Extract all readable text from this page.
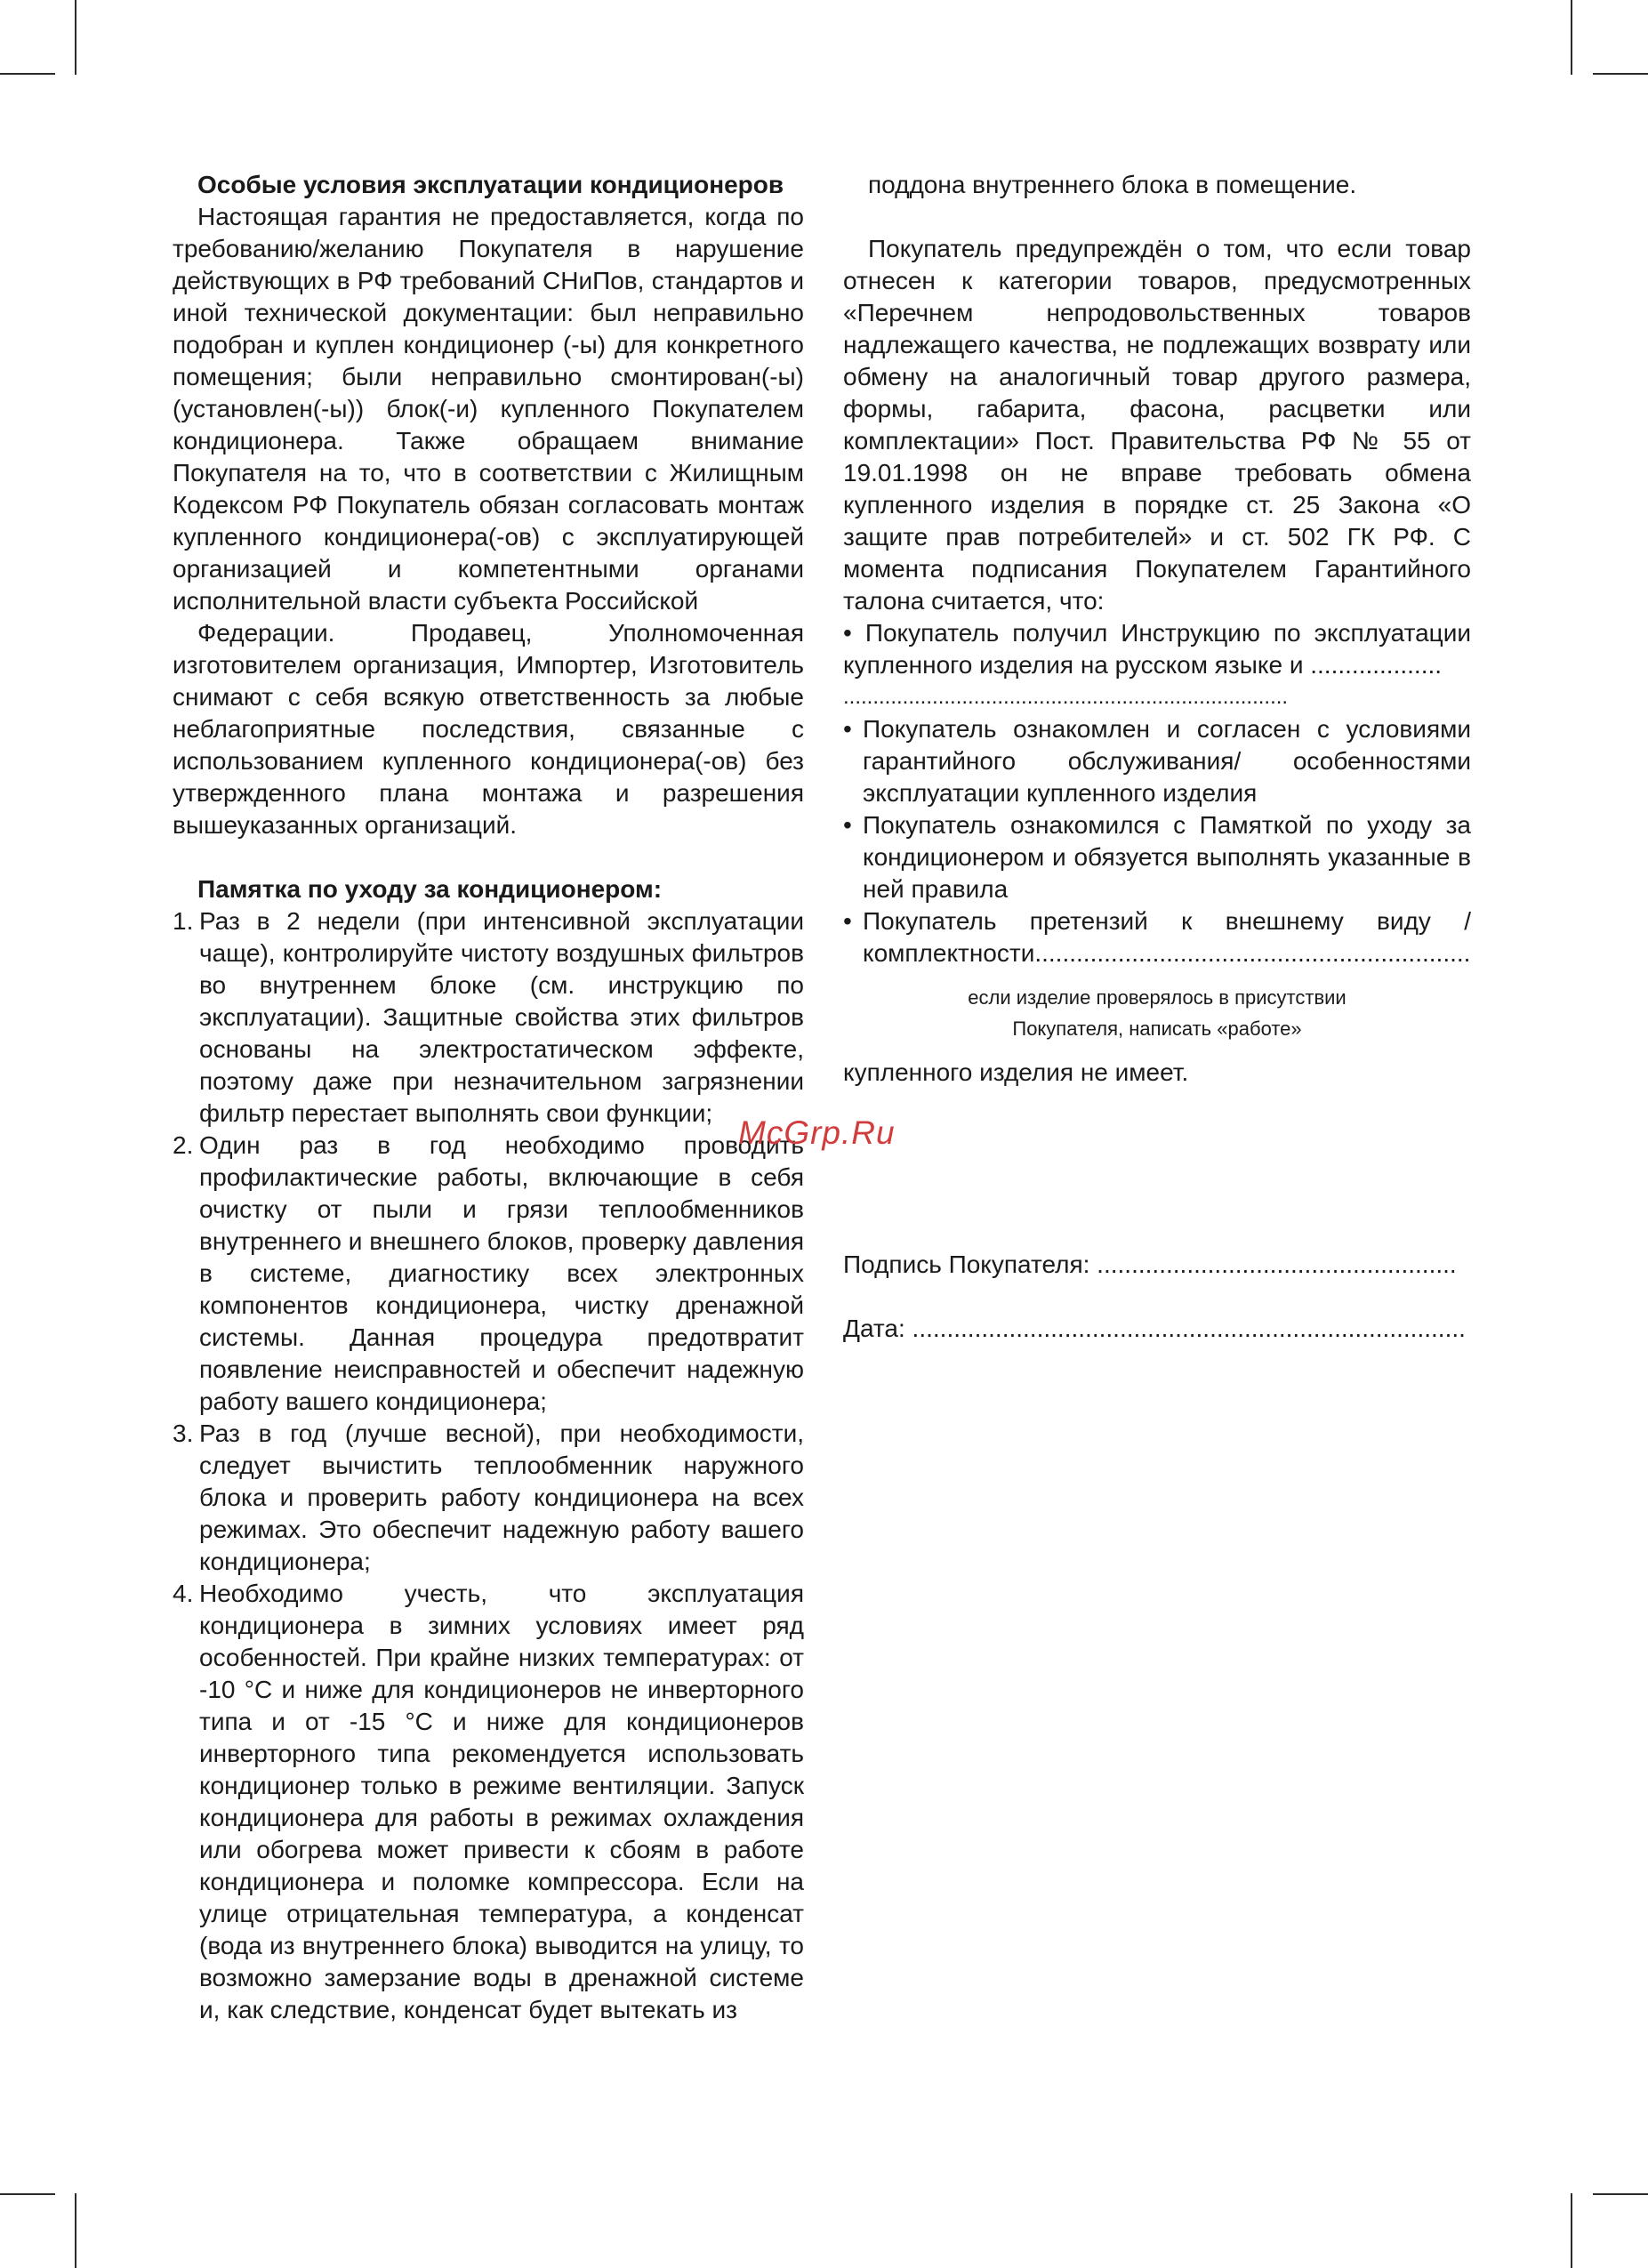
Особые условия эксплуатации кондиционеров

Настоящая гарантия не предоставляется, когда по требованию/желанию Покупателя в нарушение действующих в РФ требований СНиПов, стандартов и иной технической документации: был неправильно подобран и куплен кондиционер (-ы) для конкретного помещения; были неправильно смонтирован(-ы) (установлен(-ы)) блок(-и) купленного Покупателем кондиционера. Также обращаем внимание Покупателя на то, что в соответствии с Жилищным Кодексом РФ Покупатель обязан согласовать монтаж купленного кондиционера(-ов) с эксплуатирующей организацией и компетентными органами исполнительной власти субъекта Российской

Федерации. Продавец, Уполномоченная изготовителем организация, Импортер, Изготовитель снимают с себя всякую ответственность за любые неблагоприятные последствия, связанные с использованием купленного кондиционера(-ов) без утвержденного плана монтажа и разрешения вышеуказанных организаций.

Памятка по уходу за кондиционером:

1. Раз в 2 недели (при интенсивной эксплуатации чаще), контролируйте чистоту воздушных фильтров во внутреннем блоке (см. инструкцию по эксплуатации). Защитные свойства этих фильтров основаны на электростатическом эффекте, поэтому даже при незначительном загрязнении фильтр перестает выполнять свои функции;
2. Один раз в год необходимо проводить профилактические работы, включающие в себя очистку от пыли и грязи теплообменников внутреннего и внешнего блоков, проверку давления в системе, диагностику всех электронных компонентов кондиционера, чистку дренажной системы. Данная процедура предотвратит появление неисправностей и обеспечит надежную работу вашего кондиционера;
3. Раз в год (лучше весной), при необходимости, следует вычистить теплообменник наружного блока и проверить работу кондиционера на всех режимах. Это обеспечит надежную работу вашего кондиционера;
4. Необходимо учесть, что эксплуатация кондиционера в зимних условиях имеет ряд особенностей. При крайне низких температурах: от -10 °С и ниже для кондиционеров не инверторного типа и от -15 °С и ниже для кондиционеров инверторного типа рекомендуется использовать кондиционер только в режиме вентиляции. Запуск кондиционера для работы в режимах охлаждения или обогрева может привести к сбоям в работе кондиционера и поломке компрессора. Если на улице отрицательная температура, а конденсат (вода из внутреннего блока) выводится на улицу, то возможно замерзание воды в дренажной системе и, как следствие, конденсат будет вытекать из

поддона внутреннего блока в помещение.

Покупатель предупреждён о том, что если товар отнесен к категории товаров, предусмотренных «Перечнем непродовольственных товаров надлежащего качества, не подлежащих возврату или обмену на аналогичный товар другого размера, формы, габарита, фасона, расцветки или комплектации» Пост. Правительства РФ № 55 от 19.01.1998 он не вправе требовать обмена купленного изделия в порядке ст. 25 Закона «О защите прав потребителей» и ст. 502 ГК РФ. С момента подписания Покупателем Гарантийного талона считается, что:

• Покупатель получил Инструкцию по эксплуатации купленного изделия на русском языке и ...................

...........................................................................

• Покупатель ознакомлен и согласен с условиями гарантийного обслуживания/ особенностями эксплуатации купленного изделия
• Покупатель ознакомился с Памяткой по уходу за кондиционером и обязуется выполнять указанные в ней правила
• Покупатель претензий к внешнему виду /комплектности...............................................................
если изделие проверялось в присутствии
Покупателя, написать «работе»

купленного изделия не имеет.

Подпись Покупателя: ....................................................

Дата: ................................................................................

McGrp.Ru
